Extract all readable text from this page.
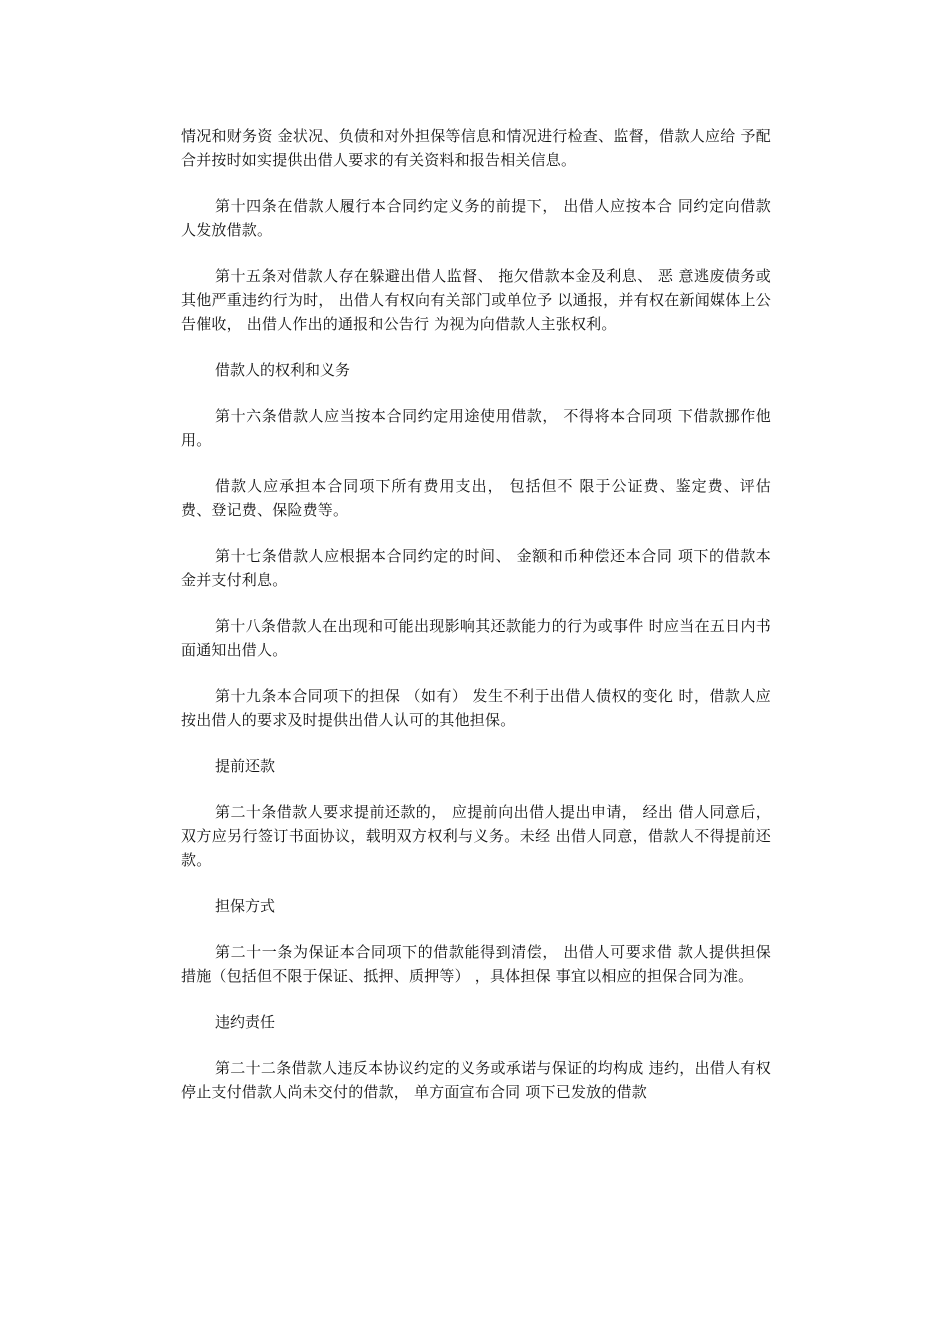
情况和财务资 金状况、负债和对外担保等信息和情况进行检查、监督，借款人应给 予配合并按时如实提供出借人要求的有关资料和报告相关信息。

第十四条在借款人履行本合同约定义务的前提下， 出借人应按本合 同约定向借款人发放借款。

第十五条对借款人存在躲避出借人监督、 拖欠借款本金及利息、 恶 意逃废债务或其他严重违约行为时， 出借人有权向有关部门或单位予 以通报，并有权在新闻媒体上公告催收， 出借人作出的通报和公告行 为视为向借款人主张权利。

借款人的权利和义务

第十六条借款人应当按本合同约定用途使用借款， 不得将本合同项 下借款挪作他用。

借款人应承担本合同项下所有费用支出， 包括但不 限于公证费、鉴定费、评估费、登记费、保险费等。

第十七条借款人应根据本合同约定的时间、 金额和币种偿还本合同 项下的借款本金并支付利息。

第十八条借款人在出现和可能出现影响其还款能力的行为或事件 时应当在五日内书面通知出借人。

第十九条本合同项下的担保 （如有） 发生不利于出借人债权的变化 时，借款人应按出借人的要求及时提供出借人认可的其他担保。

提前还款

第二十条借款人要求提前还款的， 应提前向出借人提出申请， 经出 借人同意后，双方应另行签订书面协议，载明双方权利与义务。未经 出借人同意，借款人不得提前还款。

担保方式

第二十一条为保证本合同项下的借款能得到清偿， 出借人可要求借 款人提供担保措施（包括但不限于保证、抵押、质押等） ，具体担保 事宜以相应的担保合同为准。

违约责任

第二十二条借款人违反本协议约定的义务或承诺与保证的均构成 违约，出借人有权停止支付借款人尚未交付的借款， 单方面宣布合同 项下已发放的借款
